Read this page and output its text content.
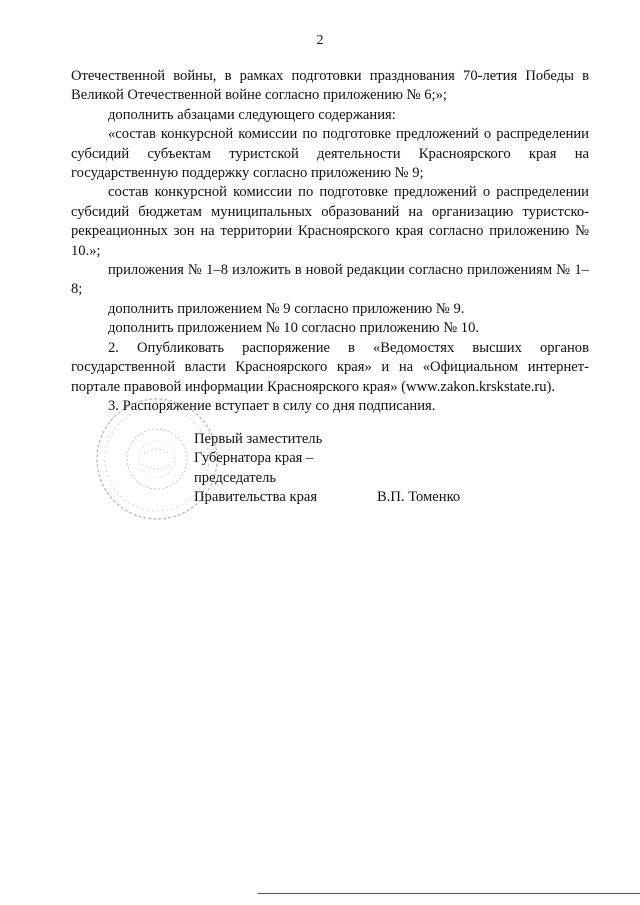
2

Отечественной войны, в рамках подготовки празднования 70-летия Победы в Великой Отечественной войне согласно приложению № 6;»;

дополнить абзацами следующего содержания:

«состав конкурсной комиссии по подготовке предложений о распределении субсидий субъектам туристской деятельности Красноярского края на государственную поддержку согласно приложению № 9;

состав конкурсной комиссии по подготовке предложений о распределении субсидий бюджетам муниципальных образований на организацию туристско-рекреационных зон на территории Красноярского края согласно приложению № 10.»;

приложения № 1–8 изложить в новой редакции согласно приложениям № 1–8;

дополнить приложением № 9 согласно приложению № 9.

дополнить приложением № 10 согласно приложению № 10.

2. Опубликовать распоряжение в «Ведомостях высших органов государственной власти Красноярского края» и на «Официальном интернет-портале правовой информации Красноярского края» (www.zakon.krskstate.ru).

3. Распоряжение вступает в силу со дня подписания.

Первый заместитель
Губернатора края –
председатель
Правительства края	В.П. Томенко
